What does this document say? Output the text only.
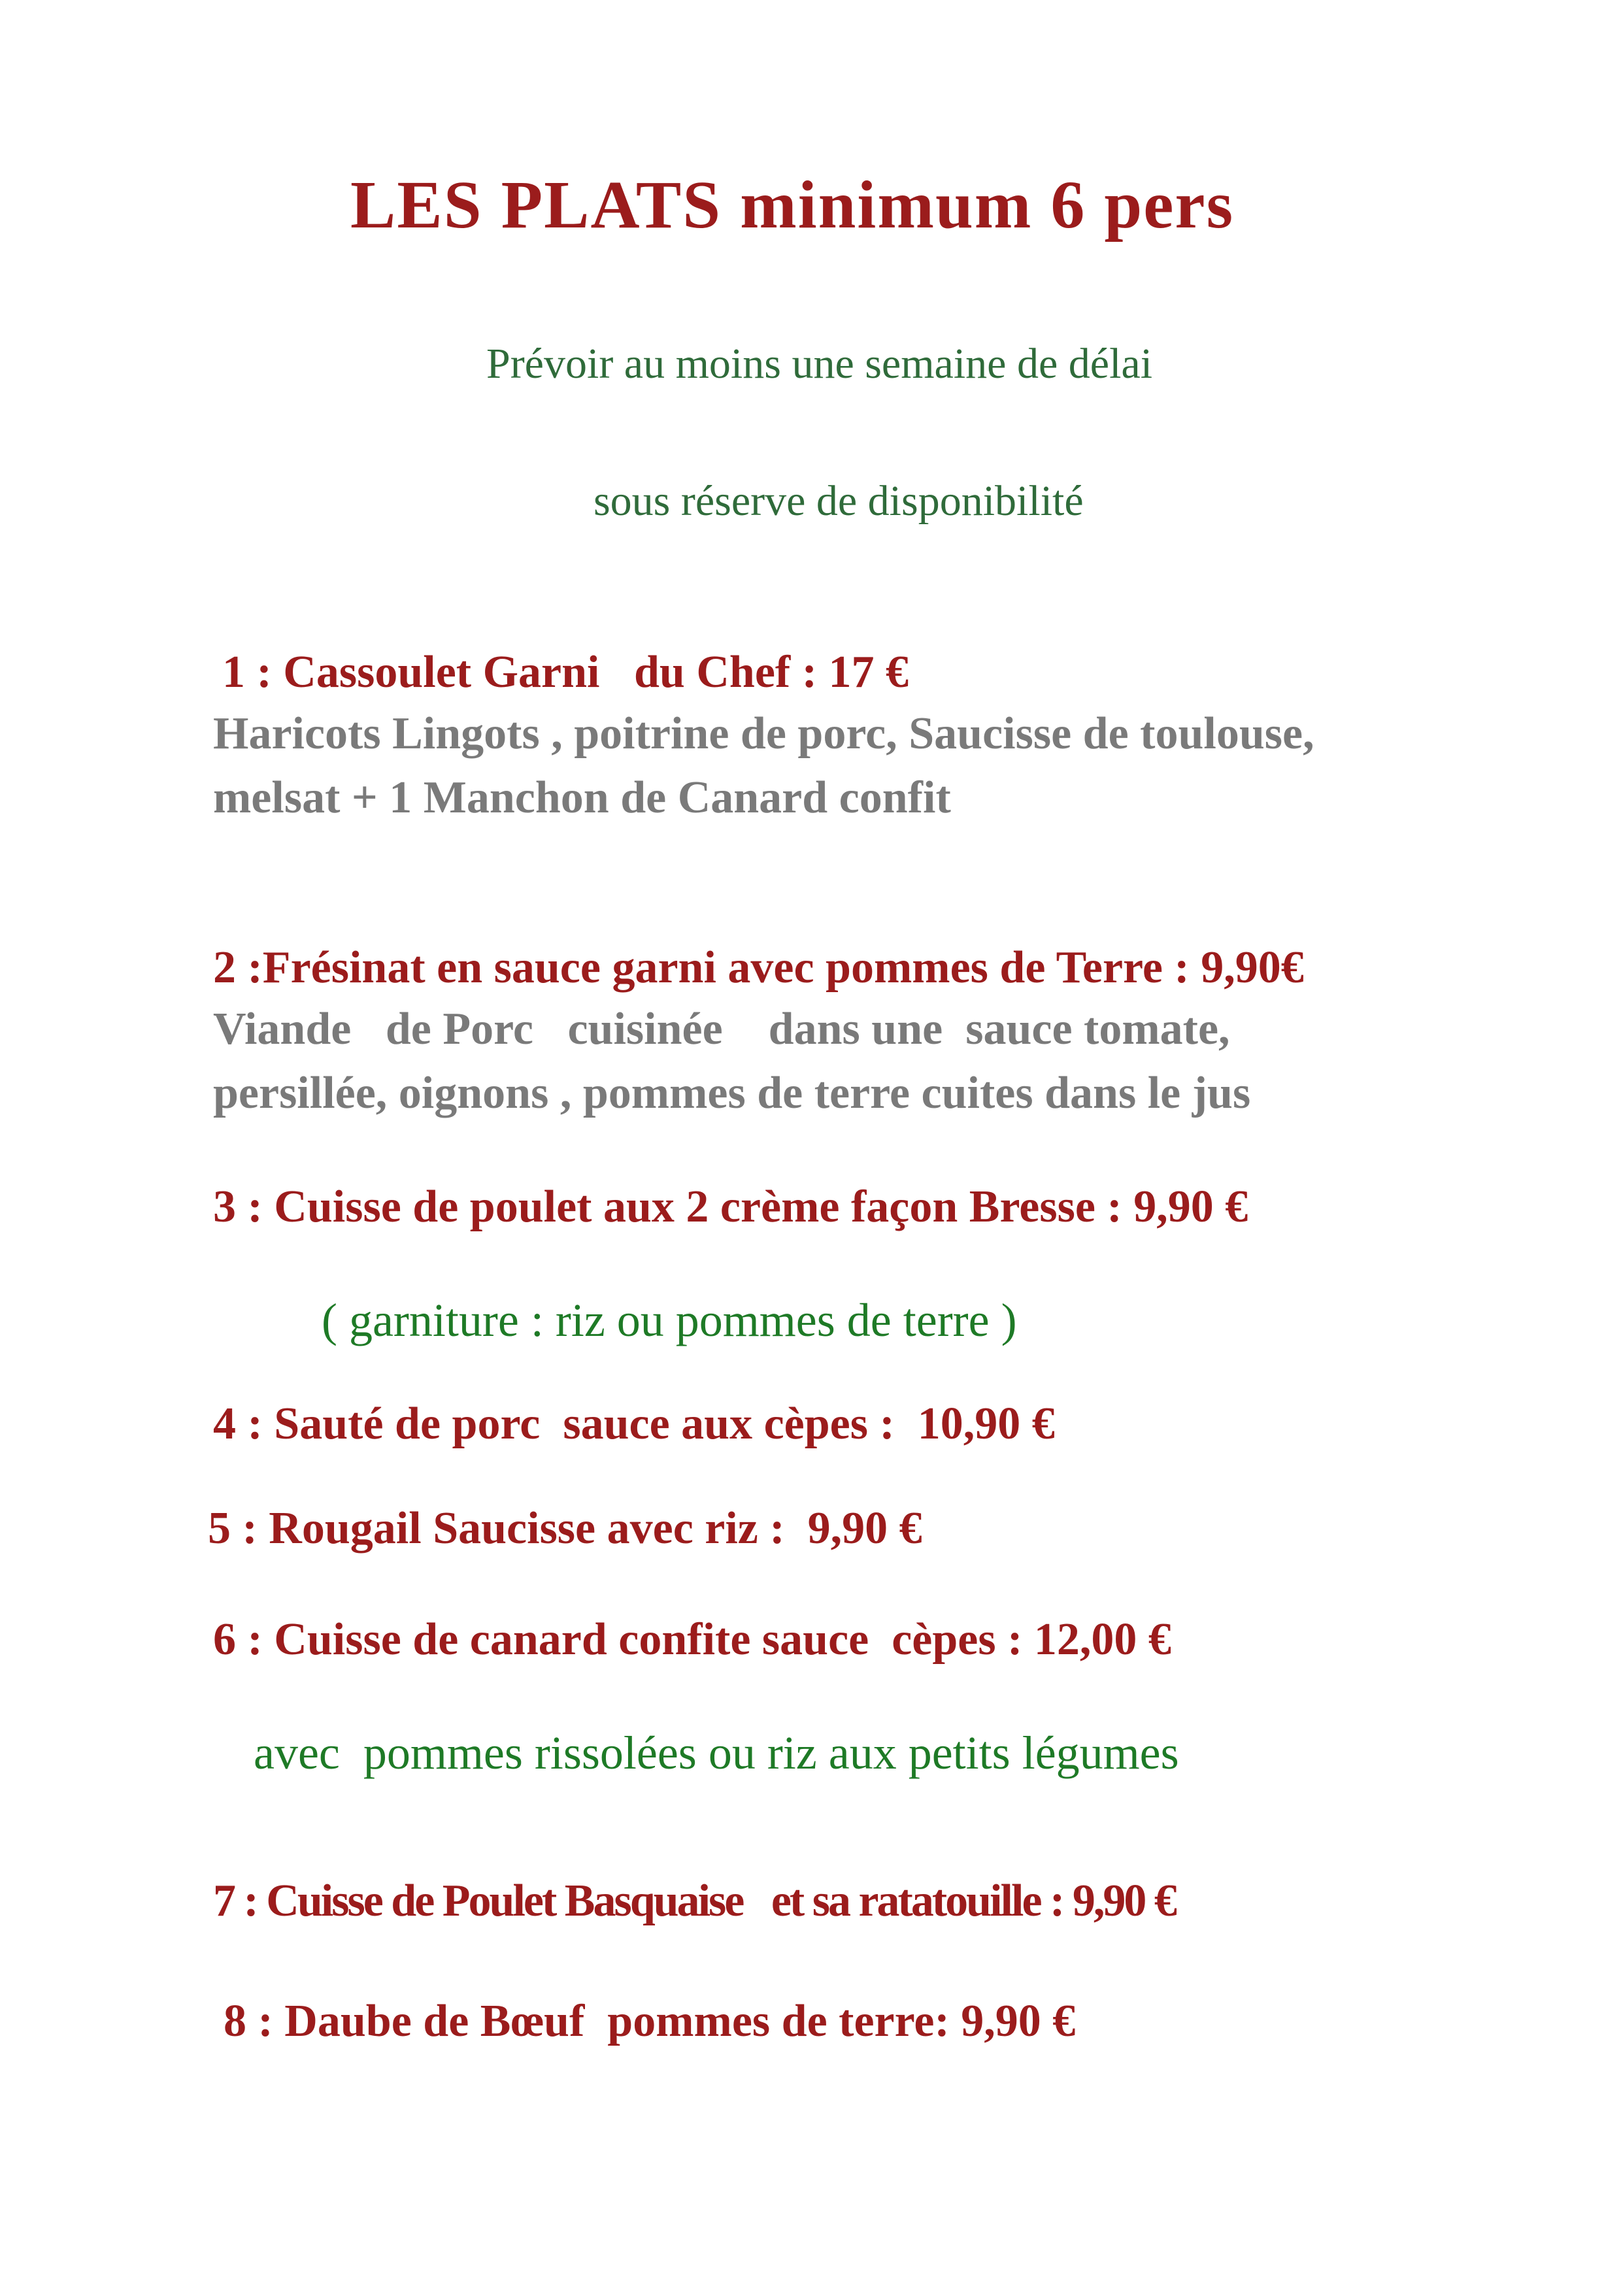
LES PLATS minimum 6 pers

Prévoir au moins une semaine de délai

sous réserve de disponibilité

1 : Cassoulet Garni   du Chef : 17 €

Haricots Lingots , poitrine de porc, Saucisse de toulouse,

melsat + 1 Manchon de Canard confit

2 :Frésinat en sauce garni avec pommes de Terre : 9,90€

Viande   de Porc   cuisinée    dans une  sauce tomate,

persillée, oignons , pommes de terre cuites dans le jus

3 : Cuisse de poulet aux 2 crème façon Bresse : 9,90 €

( garniture : riz ou pommes de terre )

4 : Sauté de porc  sauce aux cèpes :  10,90 €

5 : Rougail Saucisse avec riz :  9,90 €

6 : Cuisse de canard confite sauce  cèpes : 12,00 €

avec  pommes rissolées ou riz aux petits légumes

7 : Cuisse de Poulet Basquaise   et sa ratatouille : 9,90 €

8 : Daube de Bœuf  pommes de terre: 9,90 €
